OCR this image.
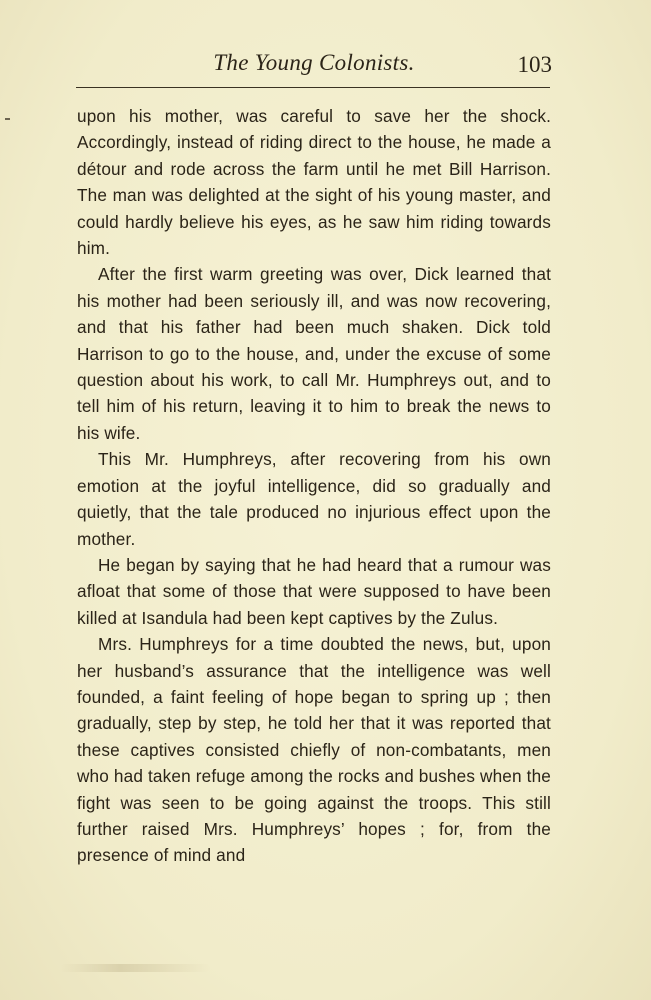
The Young Colonists.	103

upon his mother, was careful to save her the shock. Accordingly, instead of riding direct to the house, he made a détour and rode across the farm until he met Bill Harrison. The man was delighted at the sight of his young master, and could hardly believe his eyes, as he saw him riding towards him.

After the first warm greeting was over, Dick learned that his mother had been seriously ill, and was now recovering, and that his father had been much shaken. Dick told Harrison to go to the house, and, under the excuse of some question about his work, to call Mr. Humphreys out, and to tell him of his return, leaving it to him to break the news to his wife.

This Mr. Humphreys, after recovering from his own emotion at the joyful intelligence, did so gradually and quietly, that the tale produced no injurious effect upon the mother.

He began by saying that he had heard that a rumour was afloat that some of those that were supposed to have been killed at Isandula had been kept captives by the Zulus.

Mrs. Humphreys for a time doubted the news, but, upon her husband’s assurance that the intelligence was well founded, a faint feeling of hope began to spring up ; then gradually, step by step, he told her that it was reported that these captives consisted chiefly of non-combatants, men who had taken refuge among the rocks and bushes when the fight was seen to be going against the troops. This still further raised Mrs. Humphreys’ hopes ; for, from the presence of mind and
